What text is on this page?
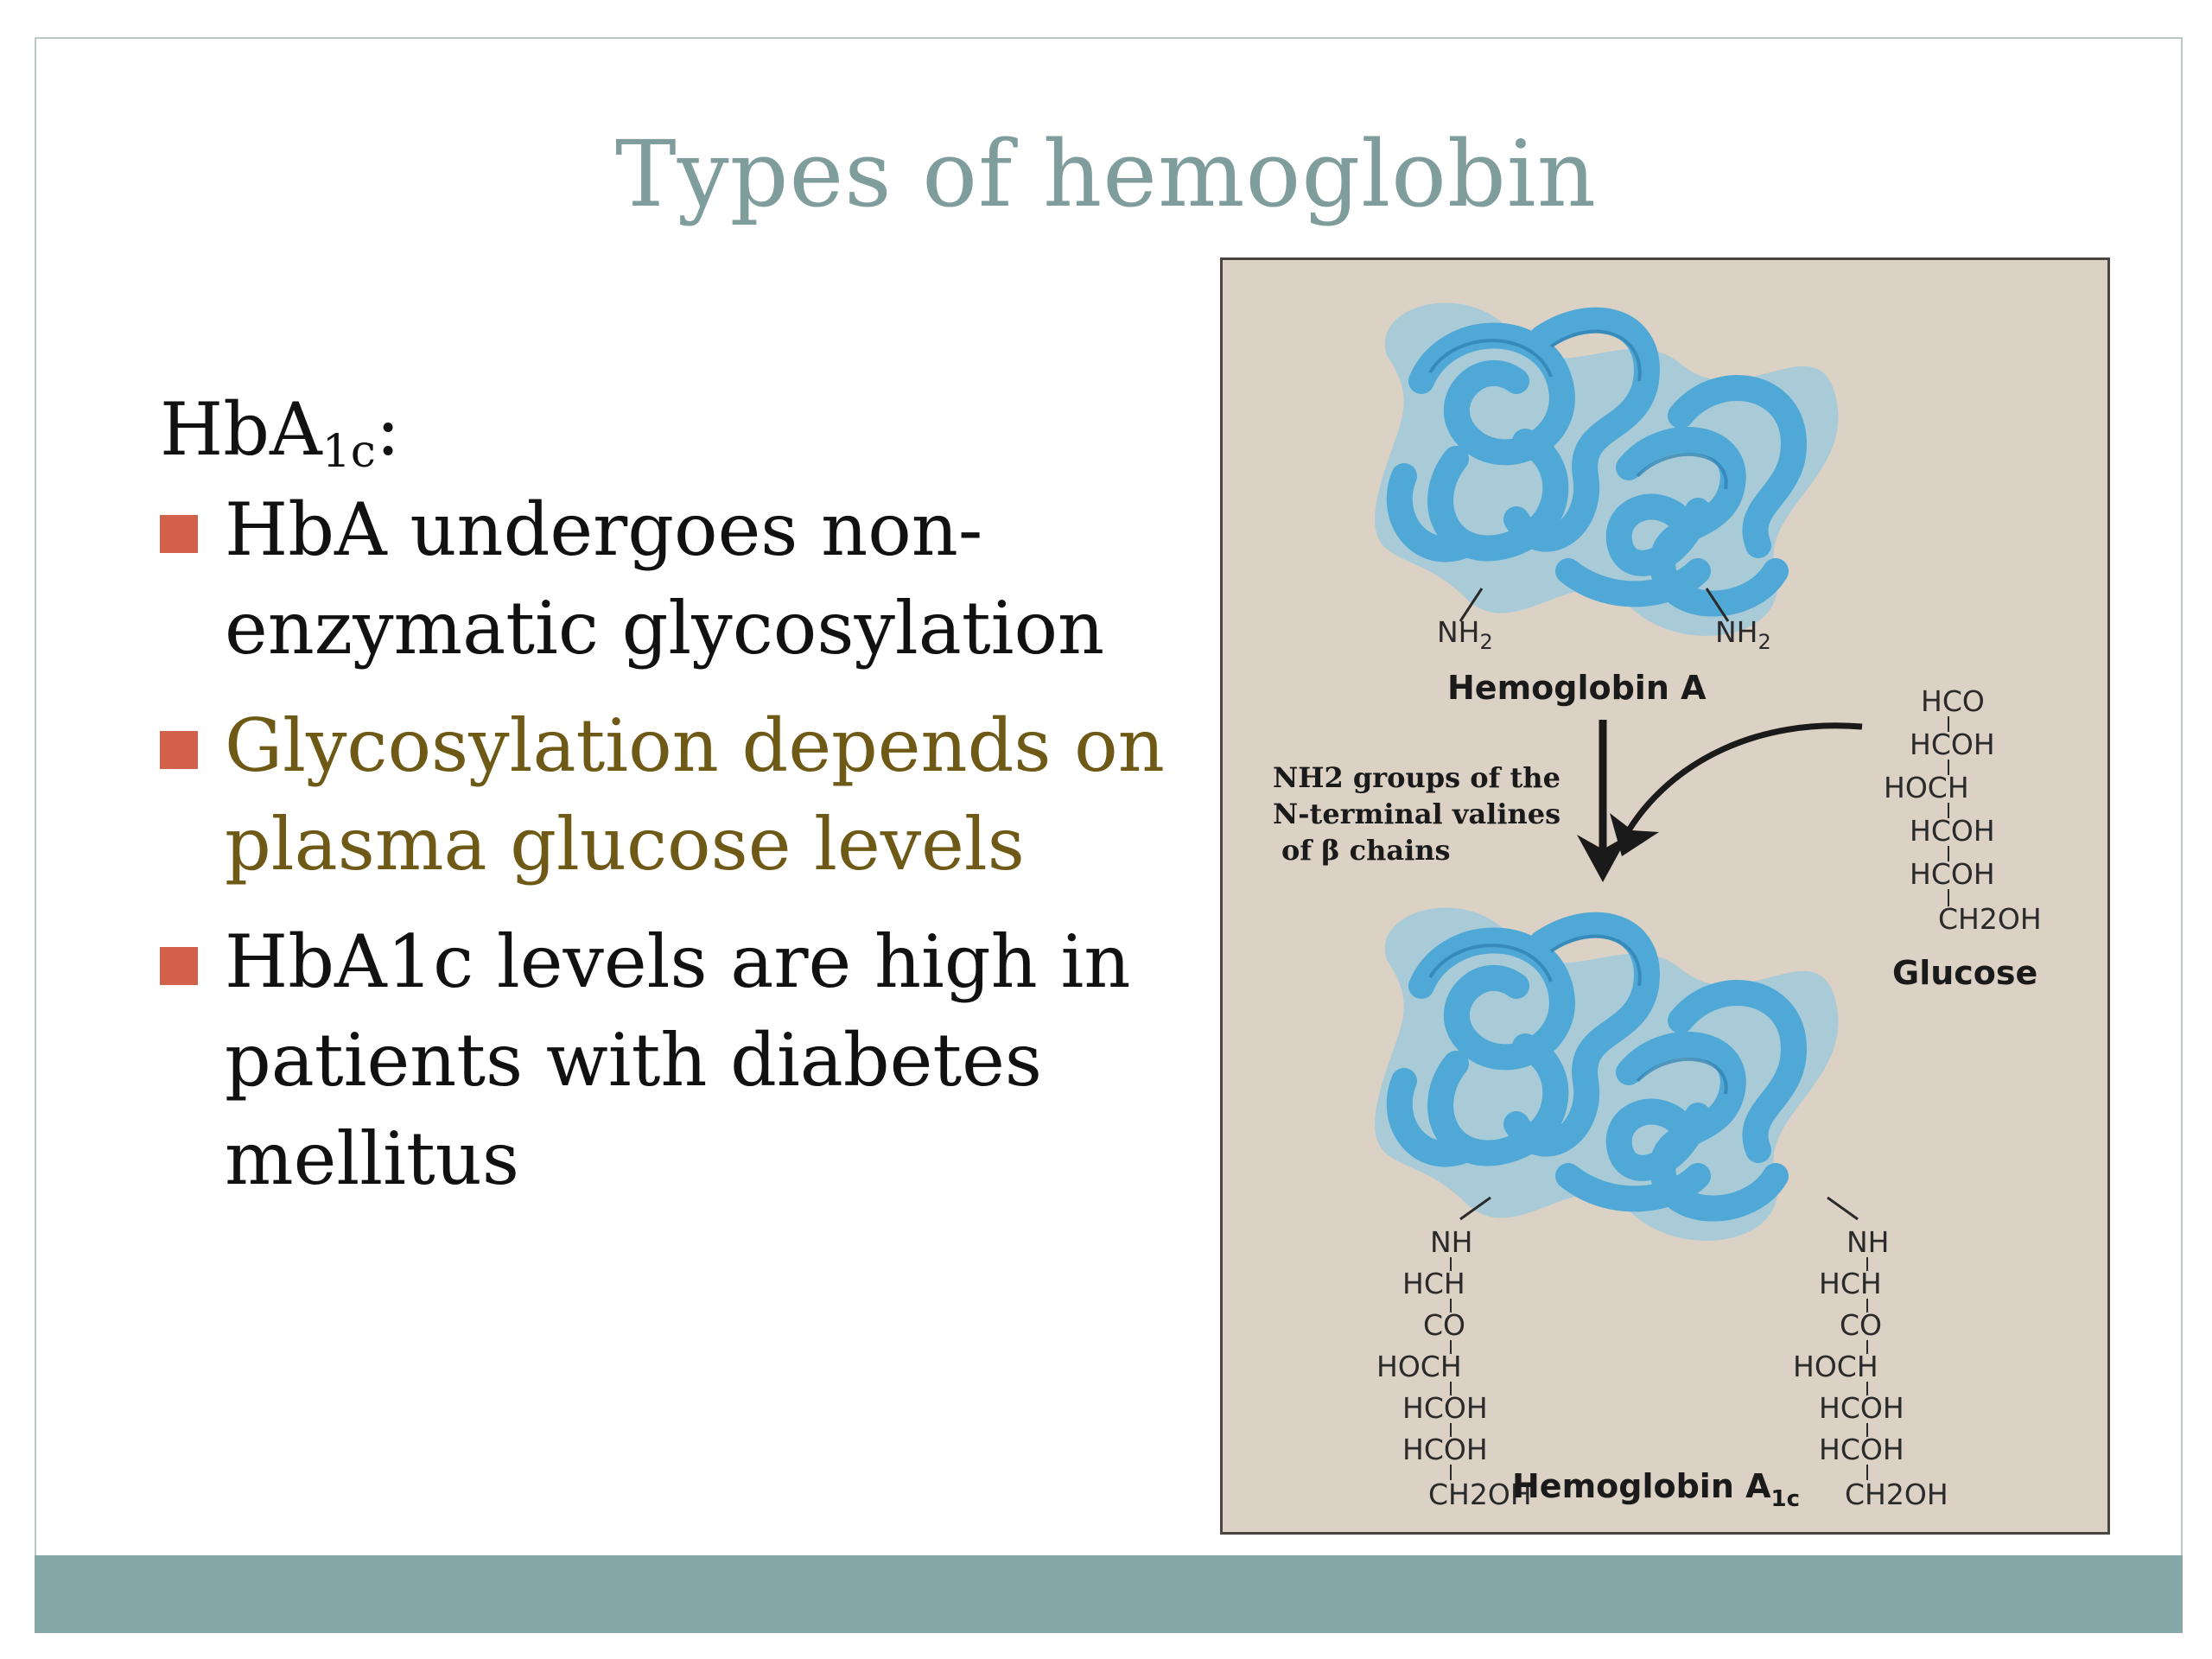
Types of hemoglobin
HbA$_{1c}$:
HbA undergoes non-enzymatic glycosylation
Glycosylation depends on plasma glucose levels
HbA1c levels are high in patients with diabetes mellitus
$NH_2$	$NH_2$
Hemoglobin A	HCO
HCOH
HOCH
HCOH
HCOH
CH2OH
Glucose
NH2 groups of the
N-terminal valines
of β chains
NH
HCH
CO
HOCH
HCOH
HCOH
CH2OH
NH
HCH
CO
HOCH
HCOH
HCOH
CH2OH
Hemoglobin $A_{1c}$
